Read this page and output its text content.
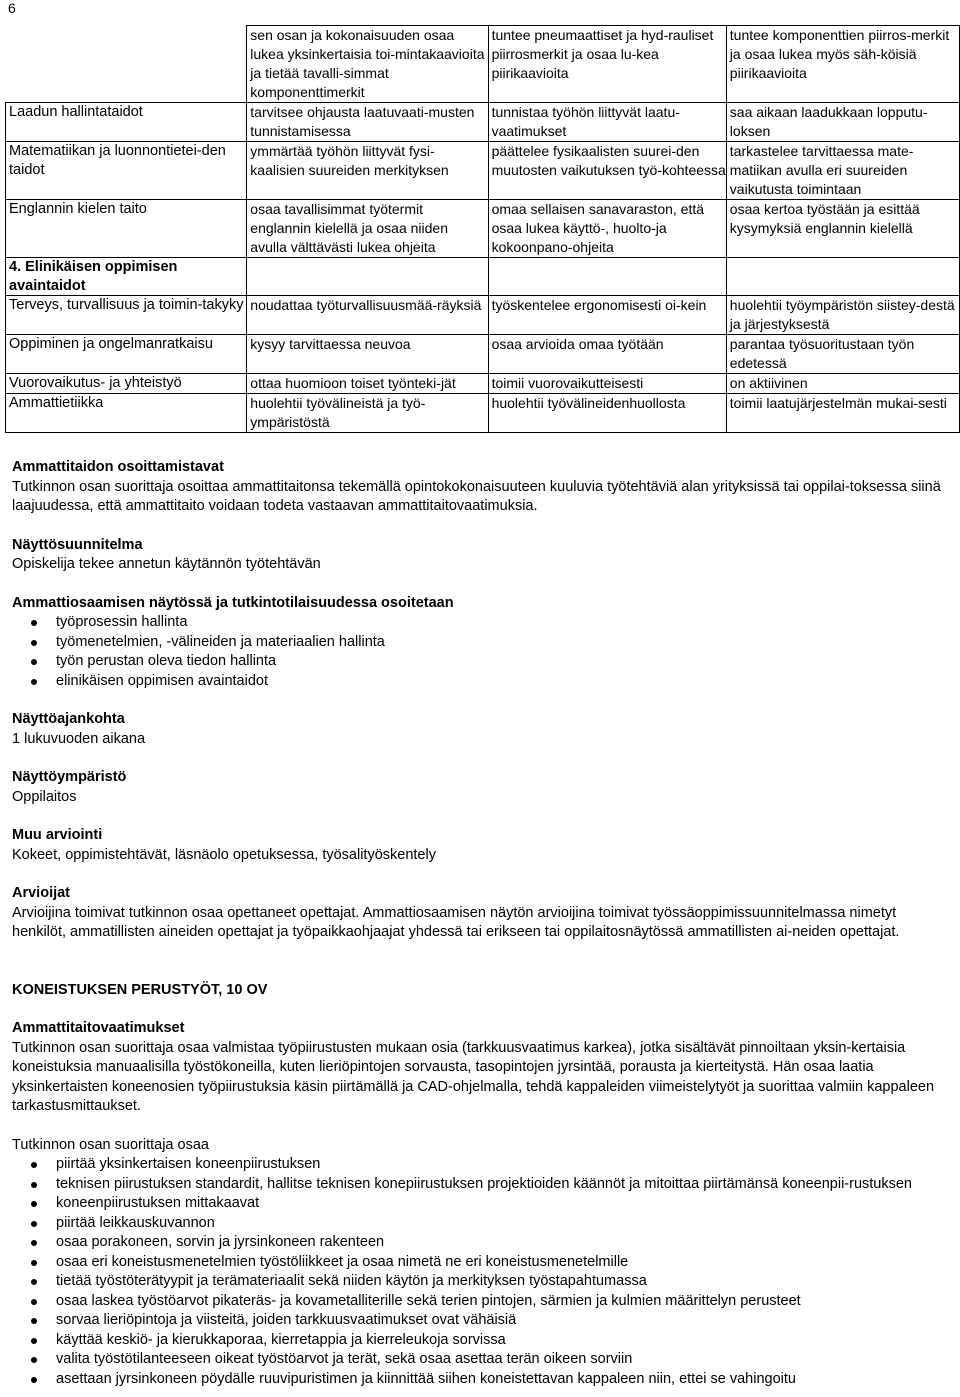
6
	sen osan ja kokonaisuuden osaa lukea yksinkertaisia toi-mintakaavioita ja tietää tavalli-simmat komponenttimerkit	tuntee pneumaattiset ja hyd-rauliset piirrosmerkit ja osaa lu-kea piirikaavioita	tuntee komponenttien piirros-merkit ja osaa lukea myös säh-köisiä piirikaavioita
Laadun hallintataidot	tarvitsee ohjausta laatuvaati-musten tunnistamisessa	tunnistaa työhön liittyvät laatu-vaatimukset	saa aikaan laadukkaan lopputu-loksen
Matematiikan ja luonnontietei-den taidot	ymmärtää työhön liittyvät fysi-kaalisien suureiden merkityksen	päättelee fysikaalisten suurei-den muutosten vaikutuksen työ-kohteessa	tarkastelee tarvittaessa mate-matiikan avulla eri suureiden vaikutusta toimintaan
Englannin kielen taito	osaa tavallisimmat työtermit englannin kielellä ja osaa niiden avulla välttävästi lukea ohjeita	omaa sellaisen sanavaraston, että osaa lukea käyttö-, huolto-ja kokoonpano-ohjeita	osaa kertoa työstään ja esittää kysymyksiä englannin kielellä
4. Elinikäisen oppimisen avaintaidot			
Terveys, turvallisuus ja toimin-takyky	noudattaa työturvallisuusmää-räyksiä	työskentelee ergonomisesti oi-kein	huolehtii työympäristön siistey-destä ja järjestyksestä
Oppiminen ja ongelmanratkaisu	kysyy tarvittaessa neuvoa	osaa arvioida omaa työtään	parantaa työsuoritustaan työn edetessä
Vuorovaikutus- ja yhteistyö	ottaa huomioon toiset työnteki-jät	toimii vuorovaikutteisesti	on aktiivinen
Ammattietiikka	huolehtii työvälineistä ja työ-ympäristöstä	huolehtii työvälineidenhuollosta	toimii laatujärjestelmän mukai-sesti
Ammattitaidon osoittamistavat

Tutkinnon osan suorittaja osoittaa ammattitaitonsa tekemällä opintokokonaisuuteen kuuluvia työtehtäviä alan yrityksissä tai oppilai-toksessa siinä laajuudessa, että ammattitaito voidaan todeta vastaavan ammattitaitovaatimuksia.

Näyttösuunnitelma

Opiskelija tekee annetun käytännön työtehtävän

Ammattiosaamisen näytössä ja tutkintotilaisuudessa osoitetaan
työprosessin hallinta
työmenetelmien, -välineiden ja materiaalien hallinta
työn perustan oleva tiedon hallinta
elinikäisen oppimisen avaintaidot
Näyttöajankohta

1 lukuvuoden aikana

Näyttöympäristö

Oppilaitos

Muu arviointi

Kokeet, oppimistehtävät, läsnäolo opetuksessa, työsalityöskentely

Arvioijat

Arvioijina toimivat tutkinnon osaa opettaneet opettajat. Ammattiosaamisen näytön arvioijina toimivat työssäoppimissuunnitelmassa nimetyt henkilöt, ammatillisten aineiden opettajat ja työpaikkaohjaajat yhdessä tai erikseen tai oppilaitosnäytössä ammatillisten ai-neiden opettajat.

KONEISTUKSEN PERUSTYÖT, 10 OV
Ammattitaitovaatimukset

Tutkinnon osan suorittaja osaa valmistaa työpiirustusten mukaan osia (tarkkuusvaatimus karkea), jotka sisältävät pinnoiltaan yksin-kertaisia koneistuksia manuaalisilla työstökoneilla, kuten lieriöpintojen sorvausta, tasopintojen jyrsintää, porausta ja kierteitystä. Hän osaa laatia yksinkertaisten koneenosien työpiirustuksia käsin piirtämällä ja CAD-ohjelmalla, tehdä kappaleiden viimeistelytyöt ja suorittaa valmiin kappaleen tarkastusmittaukset.

Tutkinnon osan suorittaja osaa

piirtää yksinkertaisen koneenpiirustuksen
teknisen piirustuksen standardit, hallitse teknisen konepiirustuksen projektioiden käännöt ja mitoittaa piirtämänsä koneenpii-rustuksen
koneenpiirustuksen mittakaavat
piirtää leikkauskuvannon
osaa porakoneen, sorvin ja jyrsinkoneen rakenteen
osaa eri koneistusmenetelmien työstöliikkeet ja osaa nimetä ne eri koneistusmenetelmille
tietää työstöterätyypit ja terämateriaalit sekä niiden käytön ja merkityksen työstapahtumassa
osaa laskea työstöarvot pikateräs- ja kovametalliterille sekä terien pintojen, särmien ja kulmien määrittelyn perusteet
sorvaa lieriöpintoja ja viisteitä, joiden tarkkuusvaatimukset ovat vähäisiä
käyttää keskiö- ja kierukkaporaa, kierretappia ja kierreleukoja sorvissa
valita työstötilanteeseen oikeat työstöarvot ja terät, sekä osaa asettaa terän oikeen sorviin
asettaan jyrsinkoneen pöydälle ruuvipuristimen ja kiinnittää siihen koneistettavan kappaleen niin, ettei se vahingoitu
